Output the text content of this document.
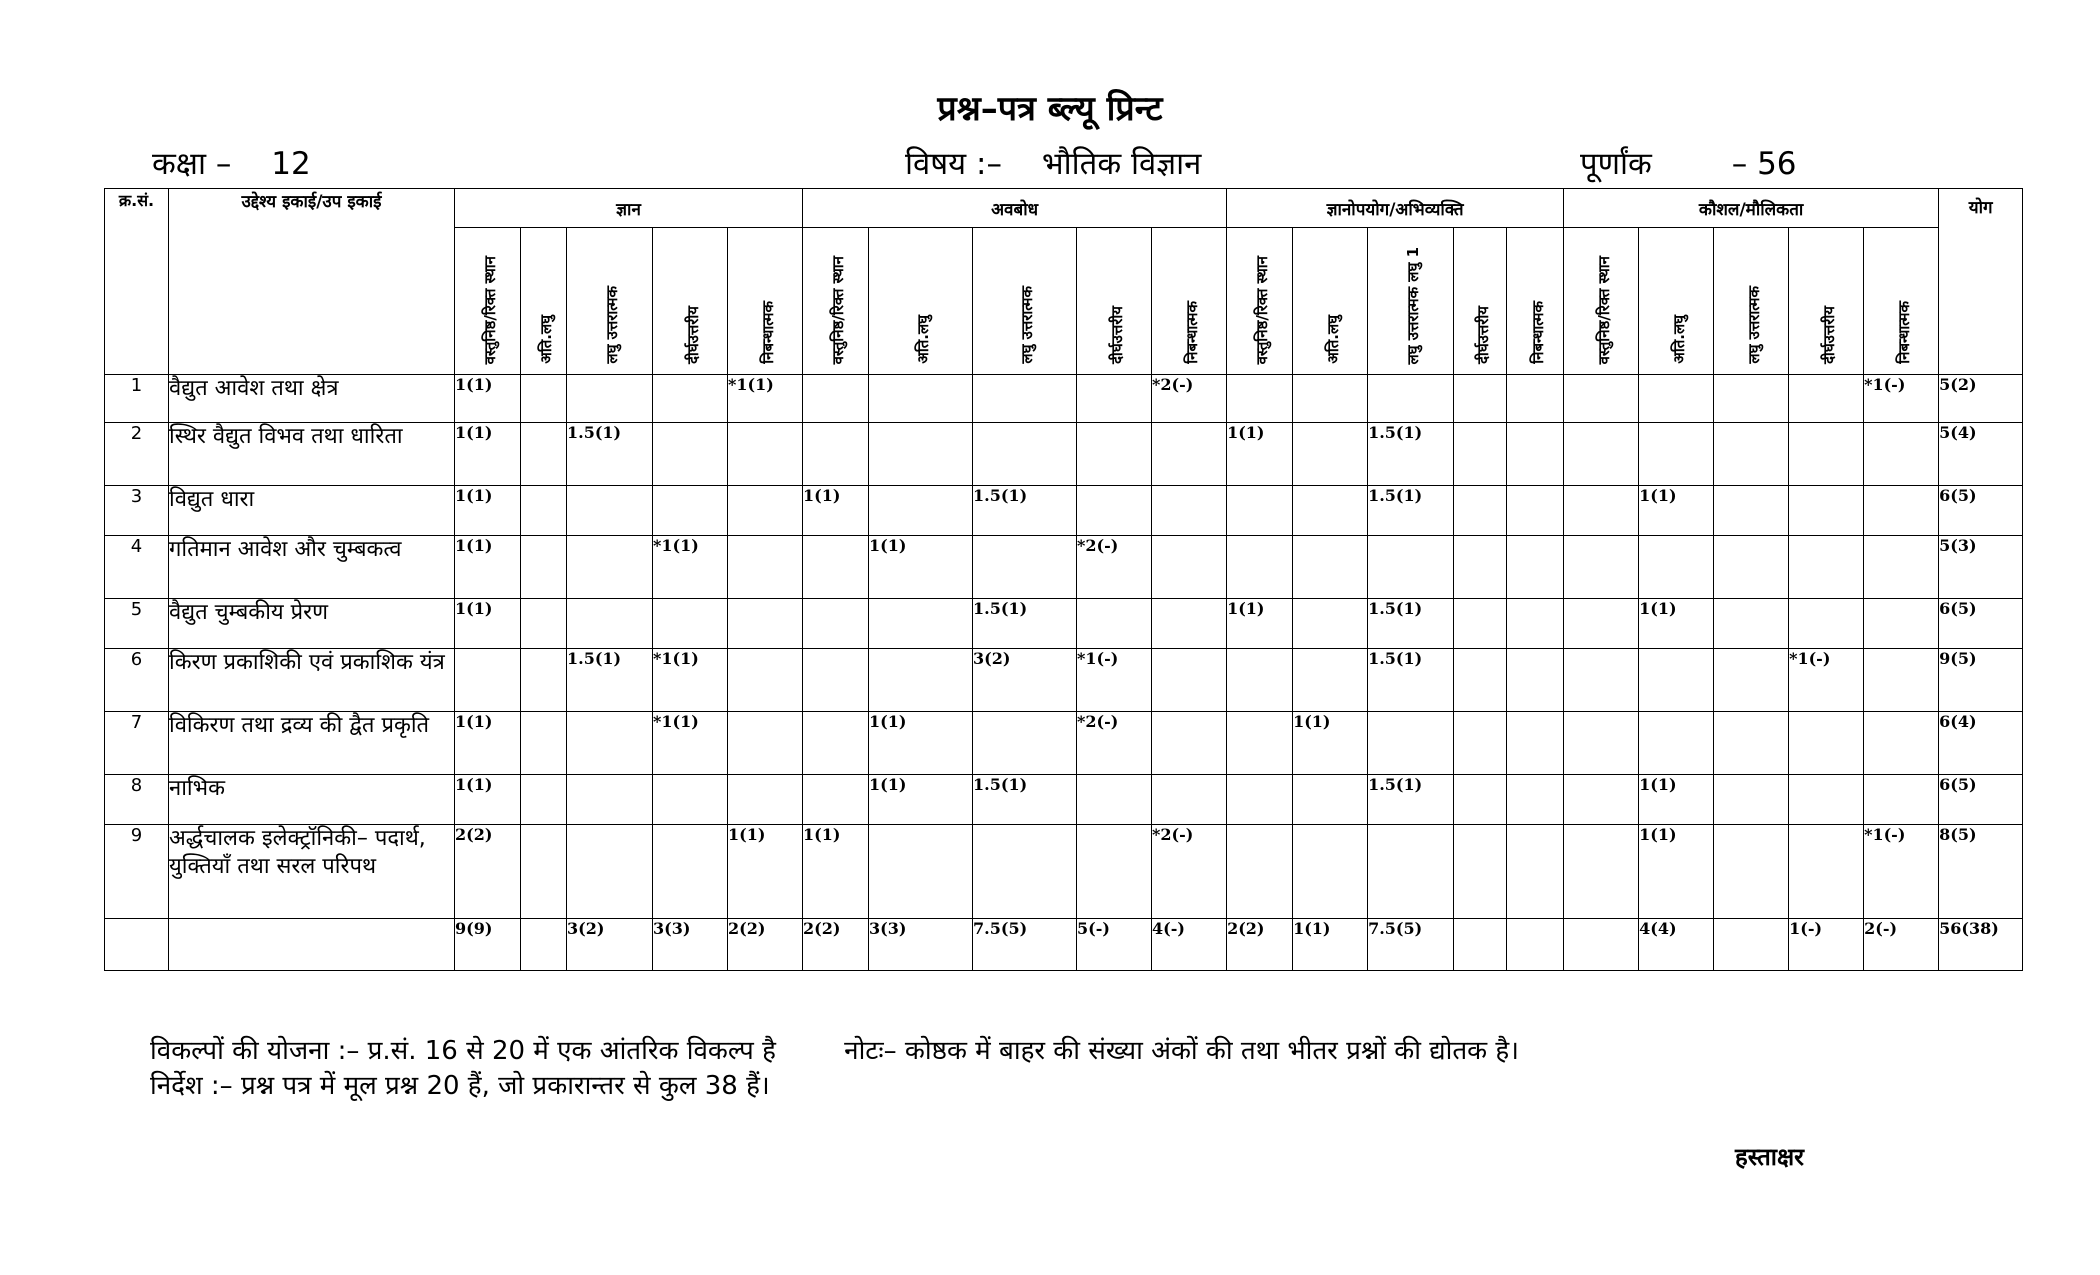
प्रश्न–पत्र ब्ल्यू प्रिन्ट
कक्षा – 12	विषय :– भौतिक विज्ञान	पूर्णांक	– 56
क्र.सं.	उद्देश्य इकाई/उप इकाई	ज्ञान					अवबोध					ज्ञानोपयोग/अभिव्यक्ति					कौशल/मौलिकता					योग
		वस्तुनिष्ठ/रिक्त स्थान	अति.लघु	लघु उत्तरात्मक	दीर्घउत्तरीय	निबन्धात्मक	वस्तुनिष्ठ/रिक्त स्थान	अति.लघु	लघु उत्तरात्मक	दीर्घउत्तरीय	निबन्धात्मक	वस्तुनिष्ठ/रिक्त स्थान	अति.लघु	लघु उत्तरात्मक लघु 1	दीर्घउत्तरीय	निबन्धात्मक	वस्तुनिष्ठ/रिक्त स्थान	अति.लघु	लघु उत्तरात्मक	दीर्घउत्तरीय	निबन्धात्मक	
1	वैद्युत आवेश तथा क्षेत्र	1(1)				*1(1)					*2(-)										*1(-)	5(2)
2	स्थिर वैद्युत विभव तथा धारिता	1(1)		1.5(1)								1(1)		1.5(1)								5(4)
3	विद्युत धारा	1(1)					1(1)		1.5(1)					1.5(1)				1(1)				6(5)
4	गतिमान आवेश और चुम्बकत्व	1(1)			*1(1)			1(1)		*2(-)												5(3)
5	वैद्युत चुम्बकीय प्रेरण	1(1)							1.5(1)			1(1)		1.5(1)				1(1)				6(5)
6	किरण प्रकाशिकी एवं प्रकाशिक यंत्र			1.5(1)	*1(1)				3(2)	*1(-)				1.5(1)						*1(-)		9(5)
7	विकिरण तथा द्रव्य की द्वैत प्रकृति	1(1)			*1(1)			1(1)		*2(-)			1(1)									6(4)
8	नाभिक	1(1)						1(1)	1.5(1)					1.5(1)				1(1)				6(5)
9	अर्द्धचालक इलेक्ट्रॉनिकी– पदार्थ, युक्तियाँ तथा सरल परिपथ	2(2)				1(1)	1(1)				*2(-)							1(1)			*1(-)	8(5)
		9(9)		3(2)	3(3)	2(2)	2(2)	3(3)	7.5(5)	5(-)	4(-)	2(2)	1(1)	7.5(5)				4(4)		1(-)	2(-)	56(38)
विकल्पों की योजना :– प्र.सं. 16 से 20 में एक आंतरिक विकल्प है	नोटः– कोष्ठक में बाहर की संख्या अंकों की तथा भीतर प्रश्नों की द्योतक है।
निर्देश :– प्रश्न पत्र में मूल प्रश्न 20 हैं, जो प्रकारान्तर से कुल 38 हैं।
हस्ताक्षर
